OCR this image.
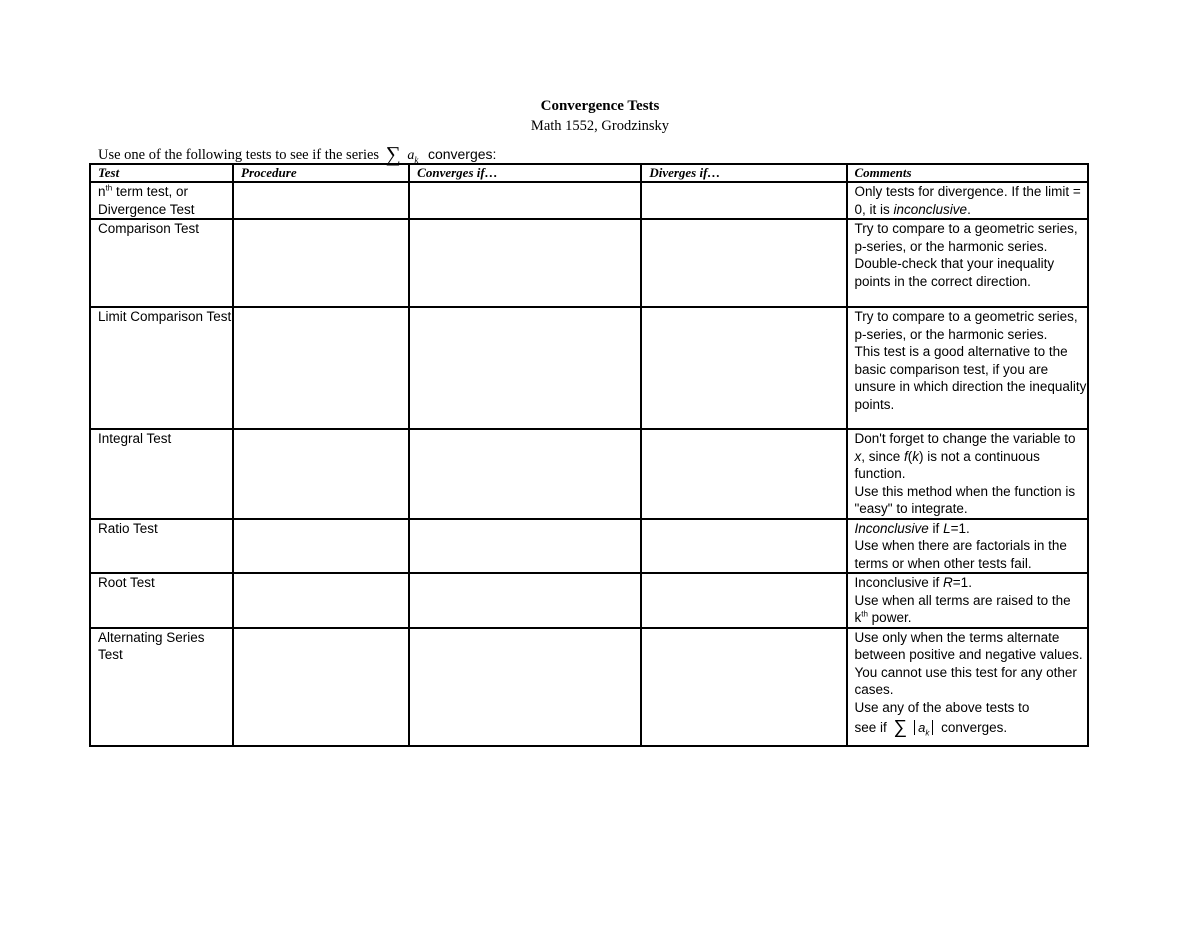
Convergence Tests
Math 1552, Grodzinsky
Use one of the following tests to see if the series ∑ $a_k$ converges:
Test	Procedure	Converges if…	Diverges if…	Comments
$n^{th}$ term test, or Divergence Test				Only tests for divergence. If the limit = 0, it is inconclusive.
Comparison Test				Try to compare to a geometric series, p-series, or the harmonic series.
Double-check that your inequality points in the correct direction.

Limit Comparison Test				Try to compare to a geometric series, p-series, or the harmonic series.
This test is a good alternative to the basic comparison test, if you are unsure in which direction the inequality points.

Integral Test				Don't forget to change the variable to x, since f(k) is not a continuous function.
Use this method when the function is "easy" to integrate.

Ratio Test				Inconclusive if L=1.
Use when there are factorials in the terms or when other tests fail.

Root Test				Inconclusive if R=1.
Use when all terms are raised to the $k^{th}$ power.

Alternating Series Test				Use only when the terms alternate between positive and negative values. You cannot use this test for any other cases.
Use any of the above tests to
see if ∑ $a_k$ converges.
